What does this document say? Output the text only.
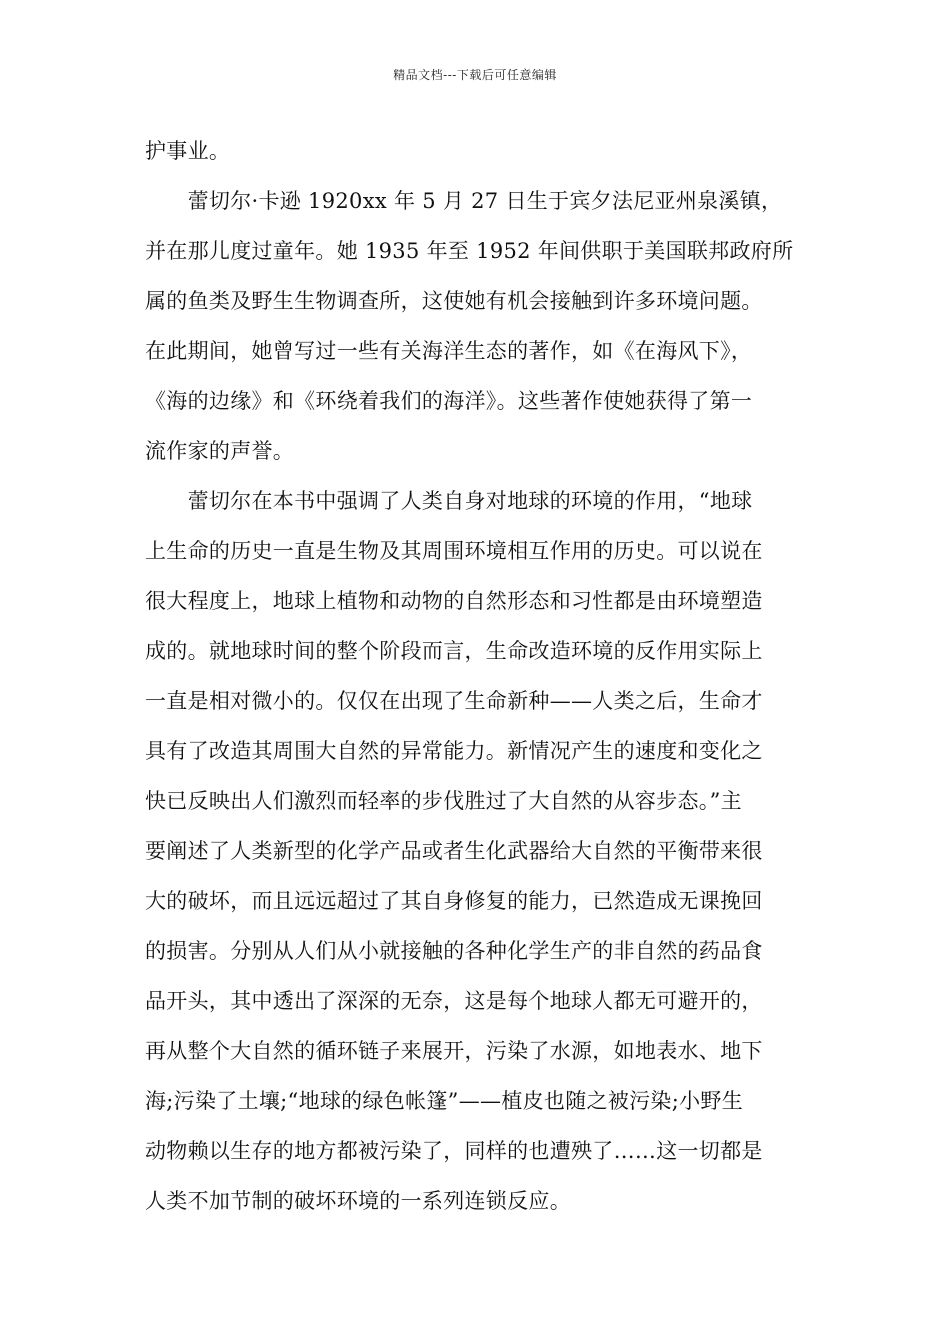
精品文档---下载后可任意编辑
护事业。
　　蕾切尔·卡逊 1920xx 年 5 月 27 日生于宾夕法尼亚州泉溪镇，
并在那儿度过童年。她 1935 年至 1952 年间供职于美国联邦政府所
属的鱼类及野生生物调查所，这使她有机会接触到许多环境问题。
在此期间，她曾写过一些有关海洋生态的著作，如《在海风下》，
《海的边缘》和《环绕着我们的海洋》。这些著作使她获得了第一
流作家的声誉。
　　蕾切尔在本书中强调了人类自身对地球的环境的作用，“地球
上生命的历史一直是生物及其周围环境相互作用的历史。可以说在
很大程度上，地球上植物和动物的自然形态和习性都是由环境塑造
成的。就地球时间的整个阶段而言，生命改造环境的反作用实际上
一直是相对微小的。仅仅在出现了生命新种——人类之后，生命才
具有了改造其周围大自然的异常能力。新情况产生的速度和变化之
快已反映出人们激烈而轻率的步伐胜过了大自然的从容步态。”主
要阐述了人类新型的化学产品或者生化武器给大自然的平衡带来很
大的破坏，而且远远超过了其自身修复的能力，已然造成无课挽回
的损害。分别从人们从小就接触的各种化学生产的非自然的药品食
品开头，其中透出了深深的无奈，这是每个地球人都无可避开的，
再从整个大自然的循环链子来展开，污染了水源，如地表水、地下
海;污染了土壤;“地球的绿色帐篷”——植皮也随之被污染;小野生
动物赖以生存的地方都被污染了，同样的也遭殃了……这一切都是
人类不加节制的破坏环境的一系列连锁反应。
